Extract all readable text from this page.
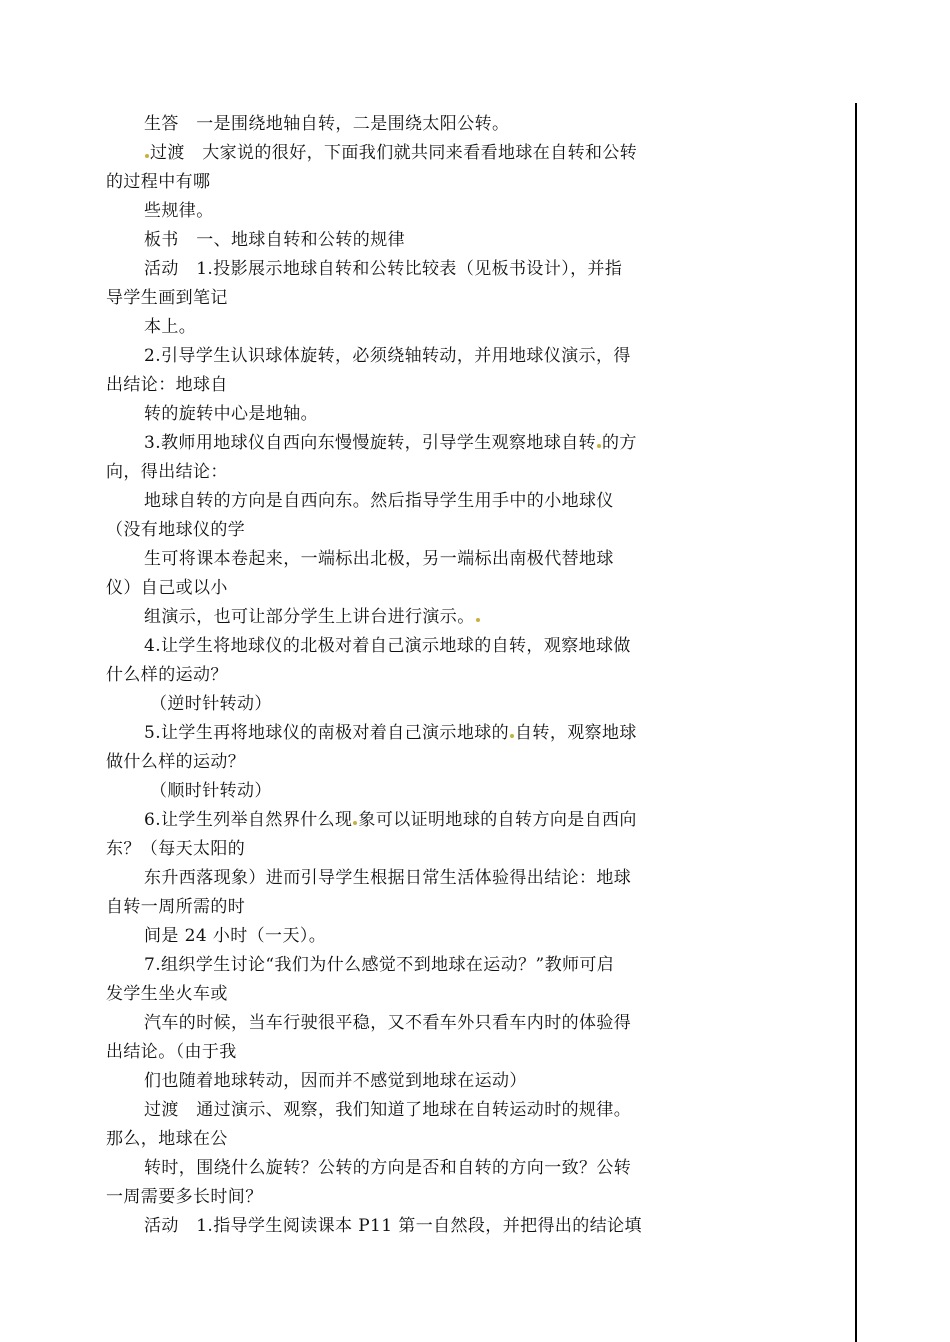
生答　一是围绕地轴自转，二是围绕太阳公转。
过渡　大家说的很好，下面我们就共同来看看地球在自转和公转
的过程中有哪
些规律。
板书　一、地球自转和公转的规律
活动　1.投影展示地球自转和公转比较表（见板书设计），并指
导学生画到笔记
本上。
2.引导学生认识球体旋转，必须绕轴转动，并用地球仪演示，得
出结论：地球自
转的旋转中心是地轴。
3.教师用地球仪自西向东慢慢旋转，引导学生观察地球自转 的方
向，得出结论：
地球自转的方向是自西向东。然后指导学生用手中的小地球仪
（没有地球仪的学
生可将课本卷起来，一端标出北极，另一端标出南极代替地球
仪）自己或以小
组演示，也可让部分学生上讲台进行演示。
4.让学生将地球仪的北极对着自己演示地球的自转，观察地球做
什么样的运动？
（逆时针转动）
5.让学生再将地球仪的南极对着自己演示地球的 自转，观察地球
做什么样的运动？
（顺时针转动）
6.让学生列举自然界什么现 象可以证明地球的自转方向是自西向
东？（每天太阳的
东升西落现象）进而引导学生根据日常生活体验得出结论：地球
自转一周所需的时
间是 24 小时（一天）。
7.组织学生讨论“我们为什么感觉不到地球在运动？”教师可启
发学生坐火车或
汽车的时候，当车行驶很平稳，又不看车外只看车内时的体验得
出结论。（由于我
们也随着地球转动，因而并不感觉到地球在运动）
过渡　通过演示、观察，我们知道了地球在自转运动时的规律。
那么，地球在公
转时，围绕什么旋转？公转的方向是否和自转的方向一致？公转
一周需要多长时间？
活动　1.指导学生阅读课本 P11 第一自然段，并把得出的结论填
